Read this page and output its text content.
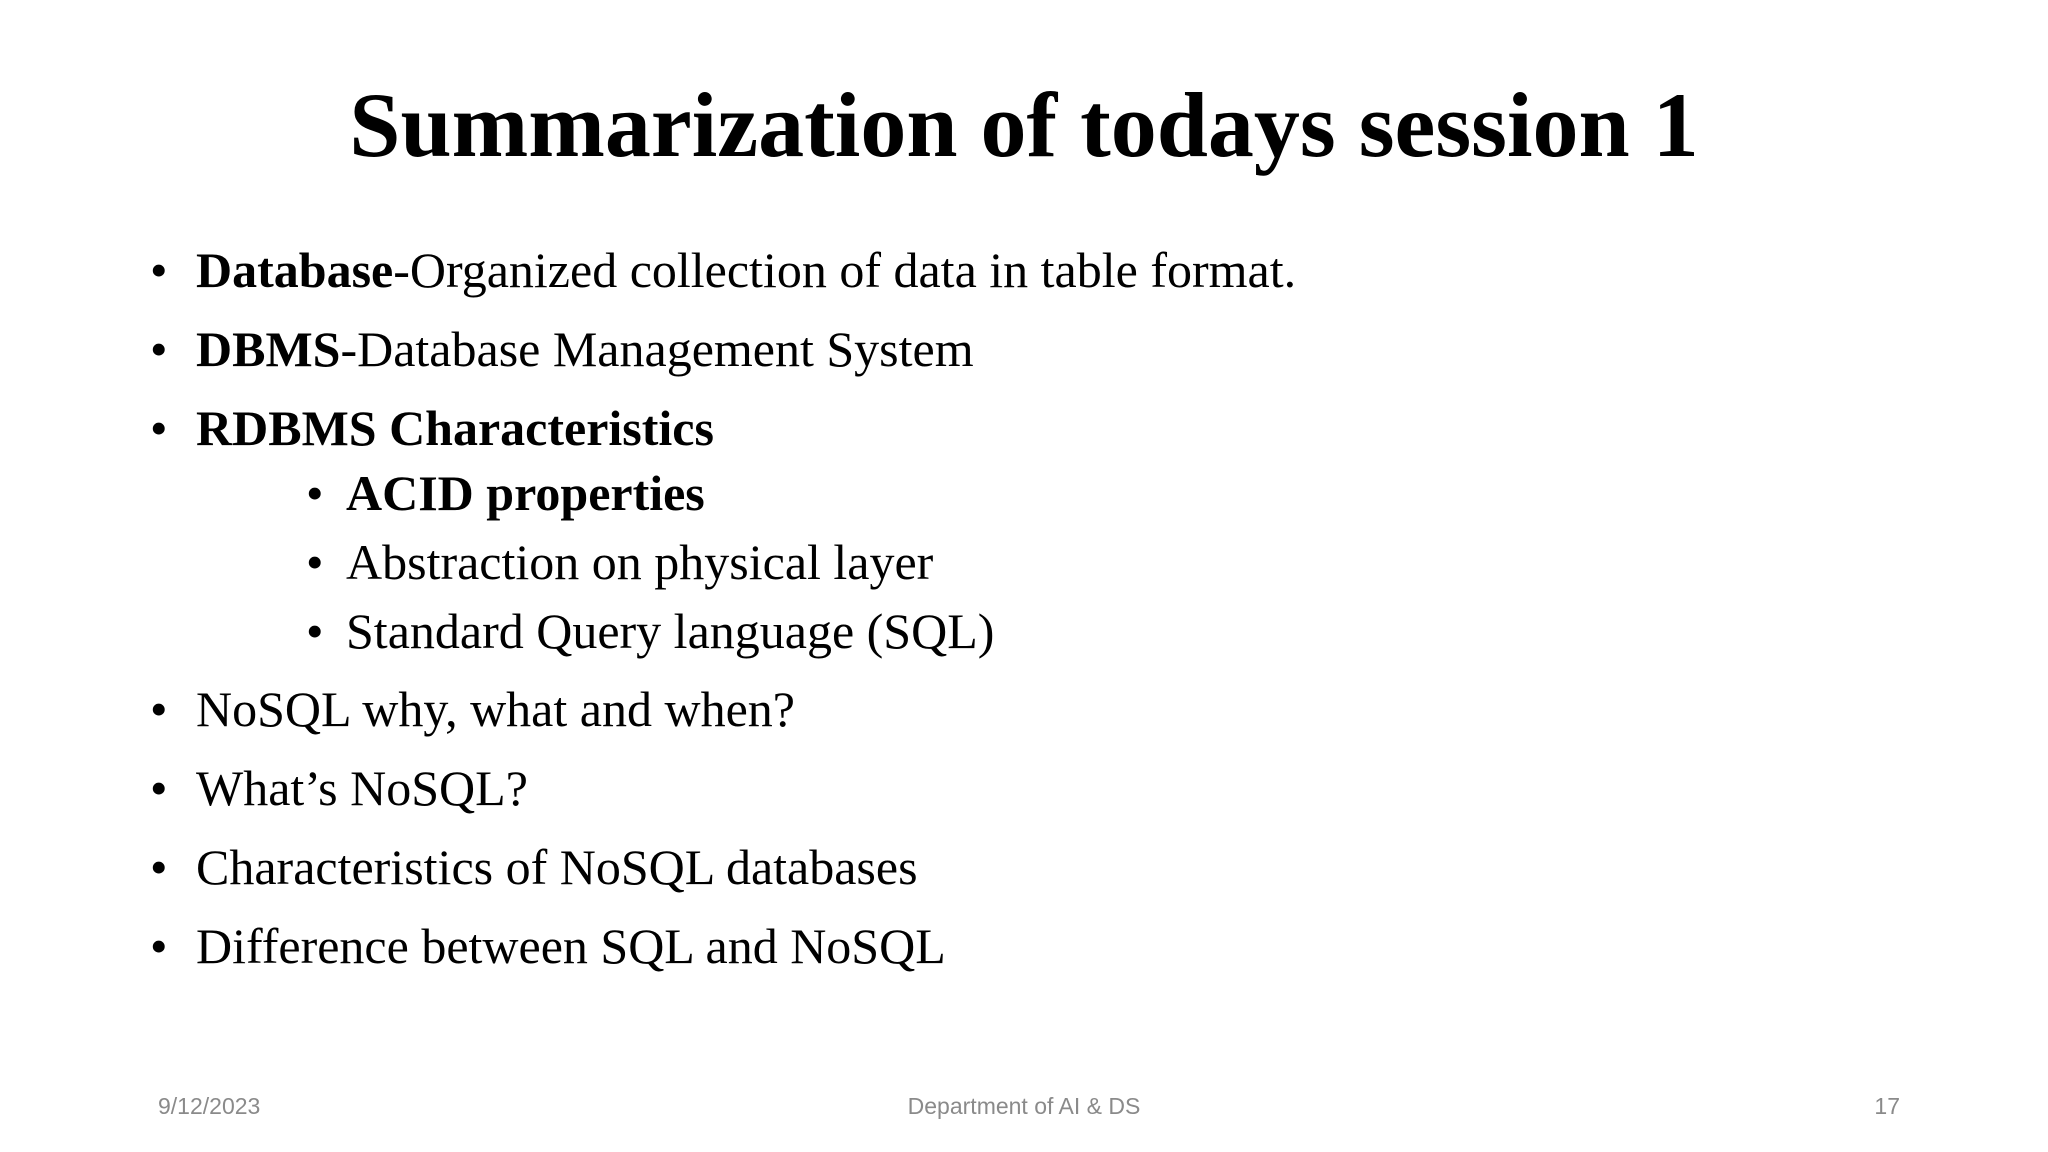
Summarization of todays session 1
• Database-Organized collection of data in table format.
• DBMS-Database Management System
• RDBMS Characteristics
• ACID properties
• Abstraction on physical layer
• Standard Query language (SQL)
• NoSQL why, what and when?
• What’s NoSQL?
• Characteristics of NoSQL databases
• Difference between SQL and NoSQL
9/12/2023	Department of AI & DS	17
